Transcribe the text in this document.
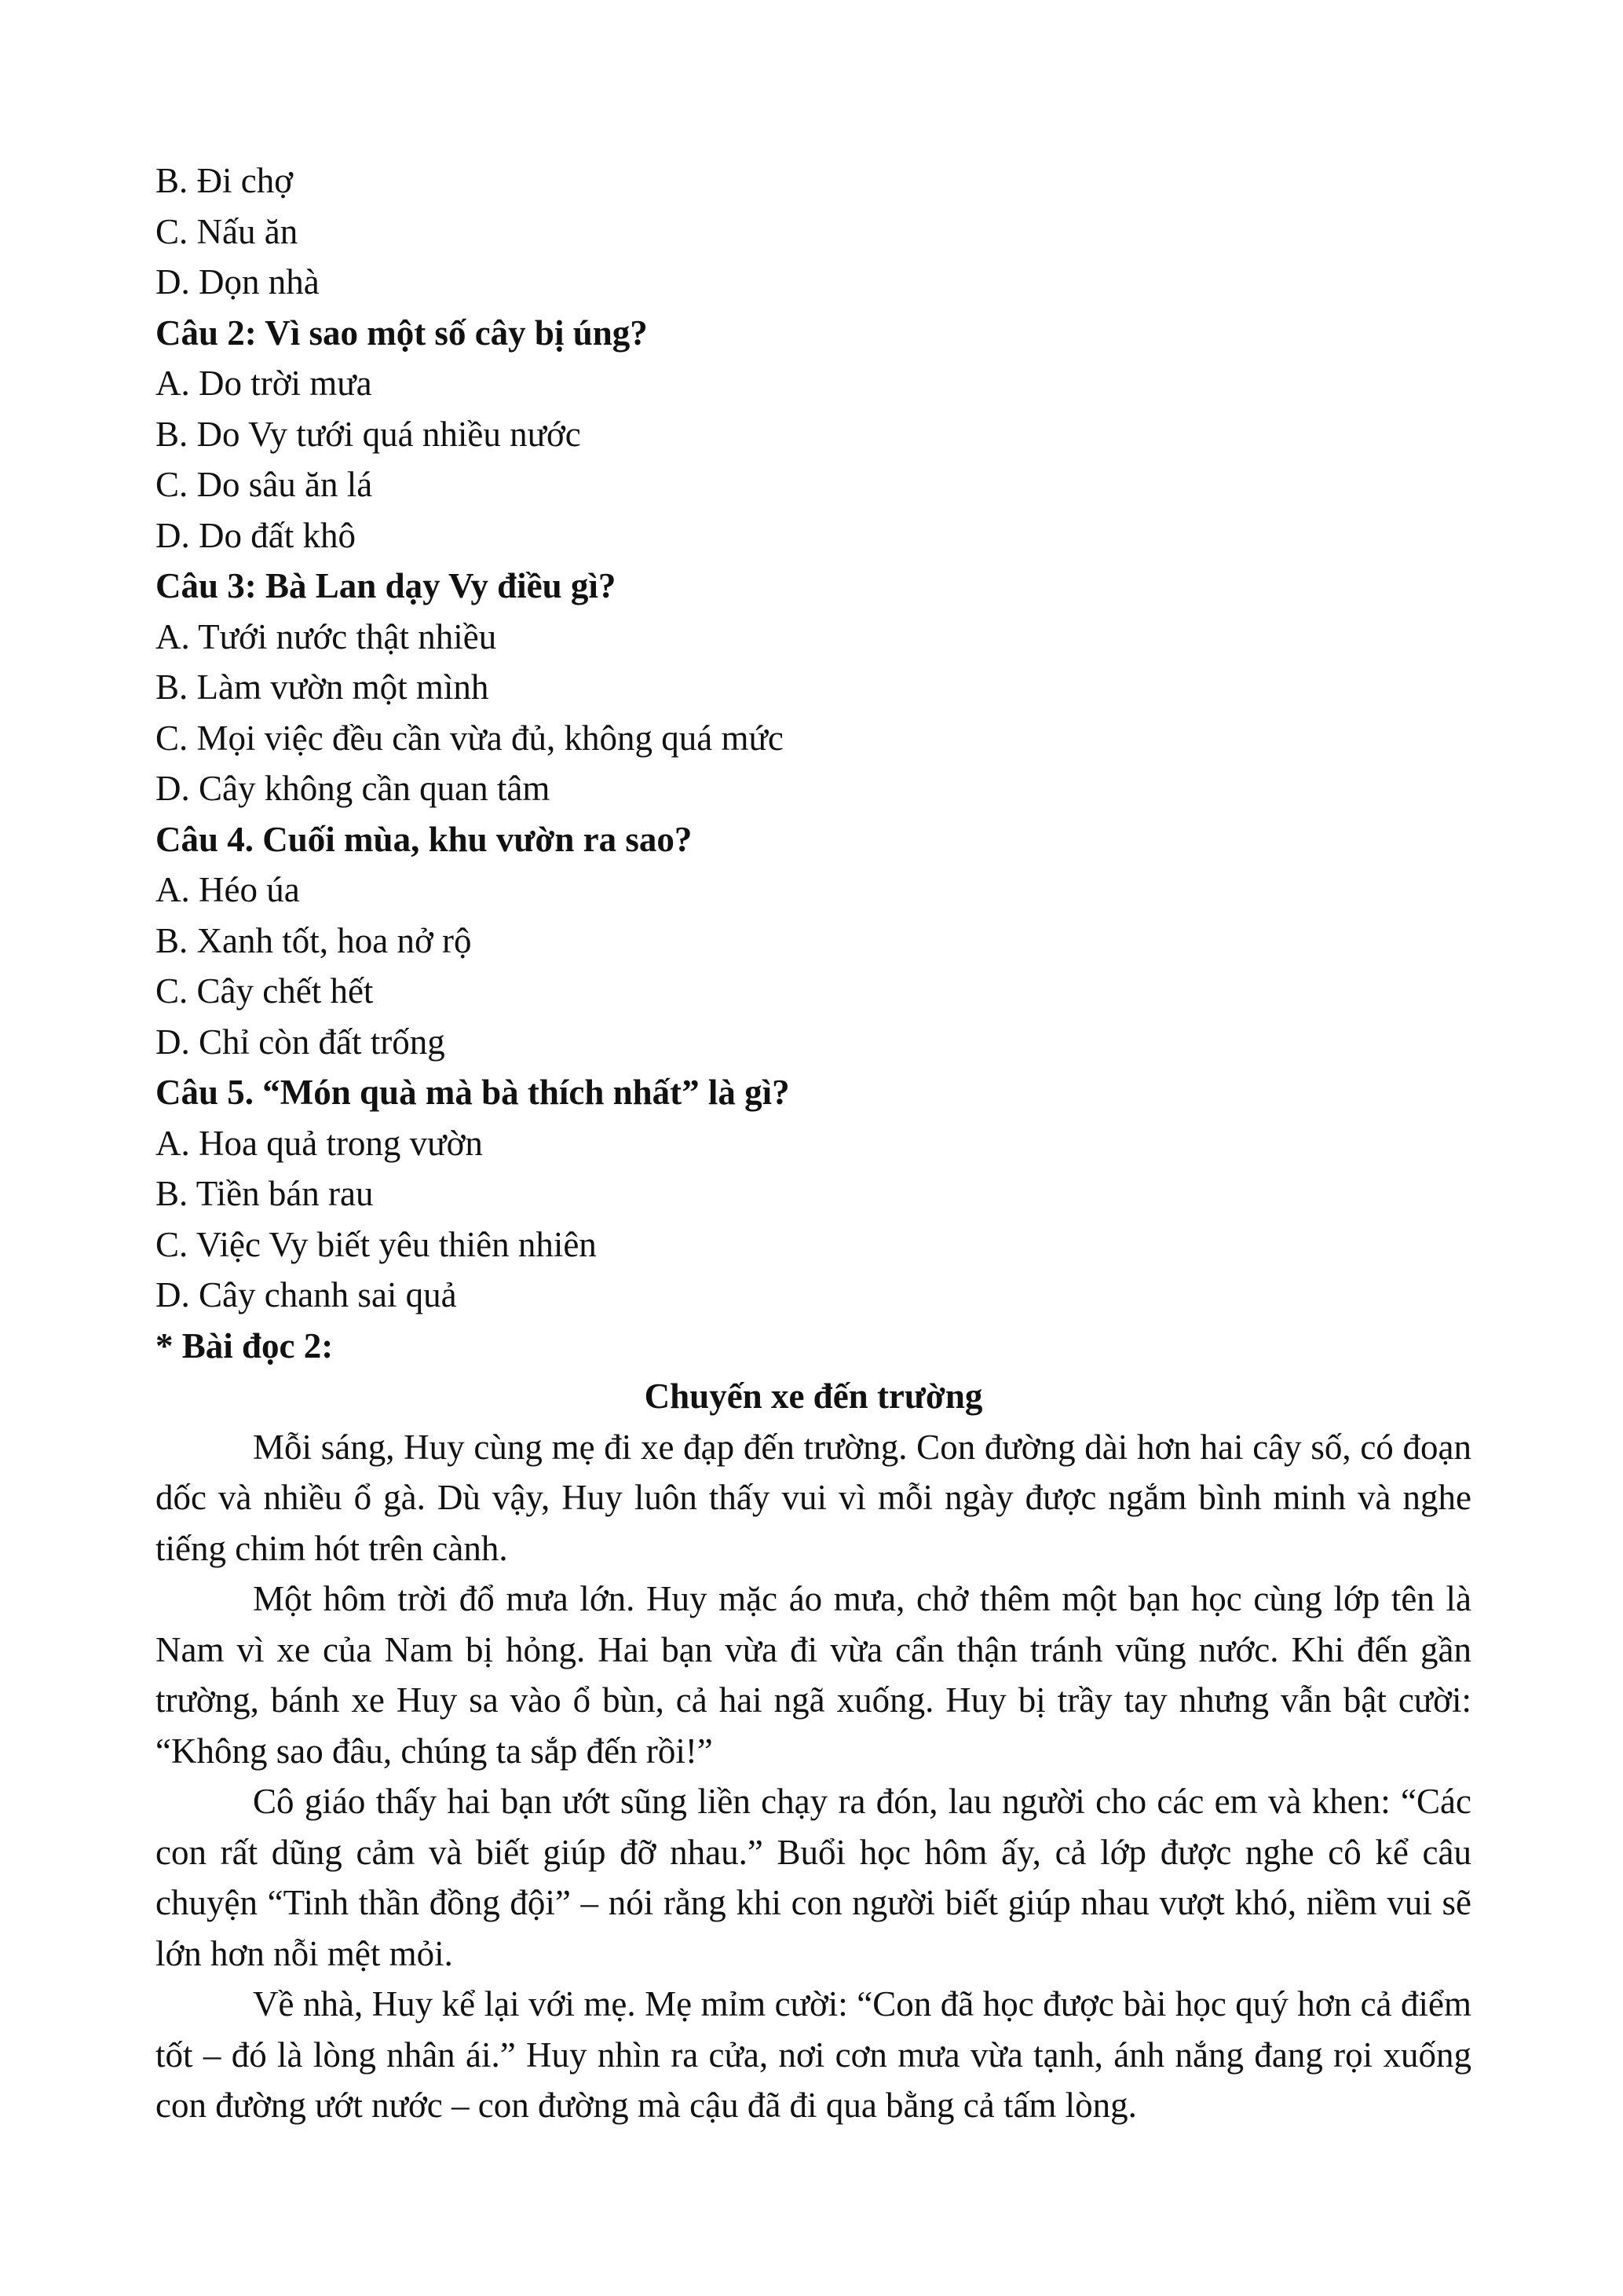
B. Đi chợ
C. Nấu ăn
D. Dọn nhà
Câu 2: Vì sao một số cây bị úng?
A. Do trời mưa
B. Do Vy tưới quá nhiều nước
C. Do sâu ăn lá
D. Do đất khô
Câu 3: Bà Lan dạy Vy điều gì?
A. Tưới nước thật nhiều
B. Làm vườn một mình
C. Mọi việc đều cần vừa đủ, không quá mức
D. Cây không cần quan tâm
Câu 4. Cuối mùa, khu vườn ra sao?
A. Héo úa
B. Xanh tốt, hoa nở rộ
C. Cây chết hết
D. Chỉ còn đất trống
Câu 5. “Món quà mà bà thích nhất” là gì?
A. Hoa quả trong vườn
B. Tiền bán rau
C. Việc Vy biết yêu thiên nhiên
D. Cây chanh sai quả
* Bài đọc 2:
Chuyến xe đến trường

Mỗi sáng, Huy cùng mẹ đi xe đạp đến trường. Con đường dài hơn hai cây số, có đoạn dốc và nhiều ổ gà. Dù vậy, Huy luôn thấy vui vì mỗi ngày được ngắm bình minh và nghe tiếng chim hót trên cành.

Một hôm trời đổ mưa lớn. Huy mặc áo mưa, chở thêm một bạn học cùng lớp tên là Nam vì xe của Nam bị hỏng. Hai bạn vừa đi vừa cẩn thận tránh vũng nước. Khi đến gần trường, bánh xe Huy sa vào ổ bùn, cả hai ngã xuống. Huy bị trầy tay nhưng vẫn bật cười: “Không sao đâu, chúng ta sắp đến rồi!”

Cô giáo thấy hai bạn ướt sũng liền chạy ra đón, lau người cho các em và khen: “Các con rất dũng cảm và biết giúp đỡ nhau.” Buổi học hôm ấy, cả lớp được nghe cô kể câu chuyện “Tinh thần đồng đội” – nói rằng khi con người biết giúp nhau vượt khó, niềm vui sẽ lớn hơn nỗi mệt mỏi.

Về nhà, Huy kể lại với mẹ. Mẹ mỉm cười: “Con đã học được bài học quý hơn cả điểm tốt – đó là lòng nhân ái.” Huy nhìn ra cửa, nơi cơn mưa vừa tạnh, ánh nắng đang rọi xuống con đường ướt nước – con đường mà cậu đã đi qua bằng cả tấm lòng.
